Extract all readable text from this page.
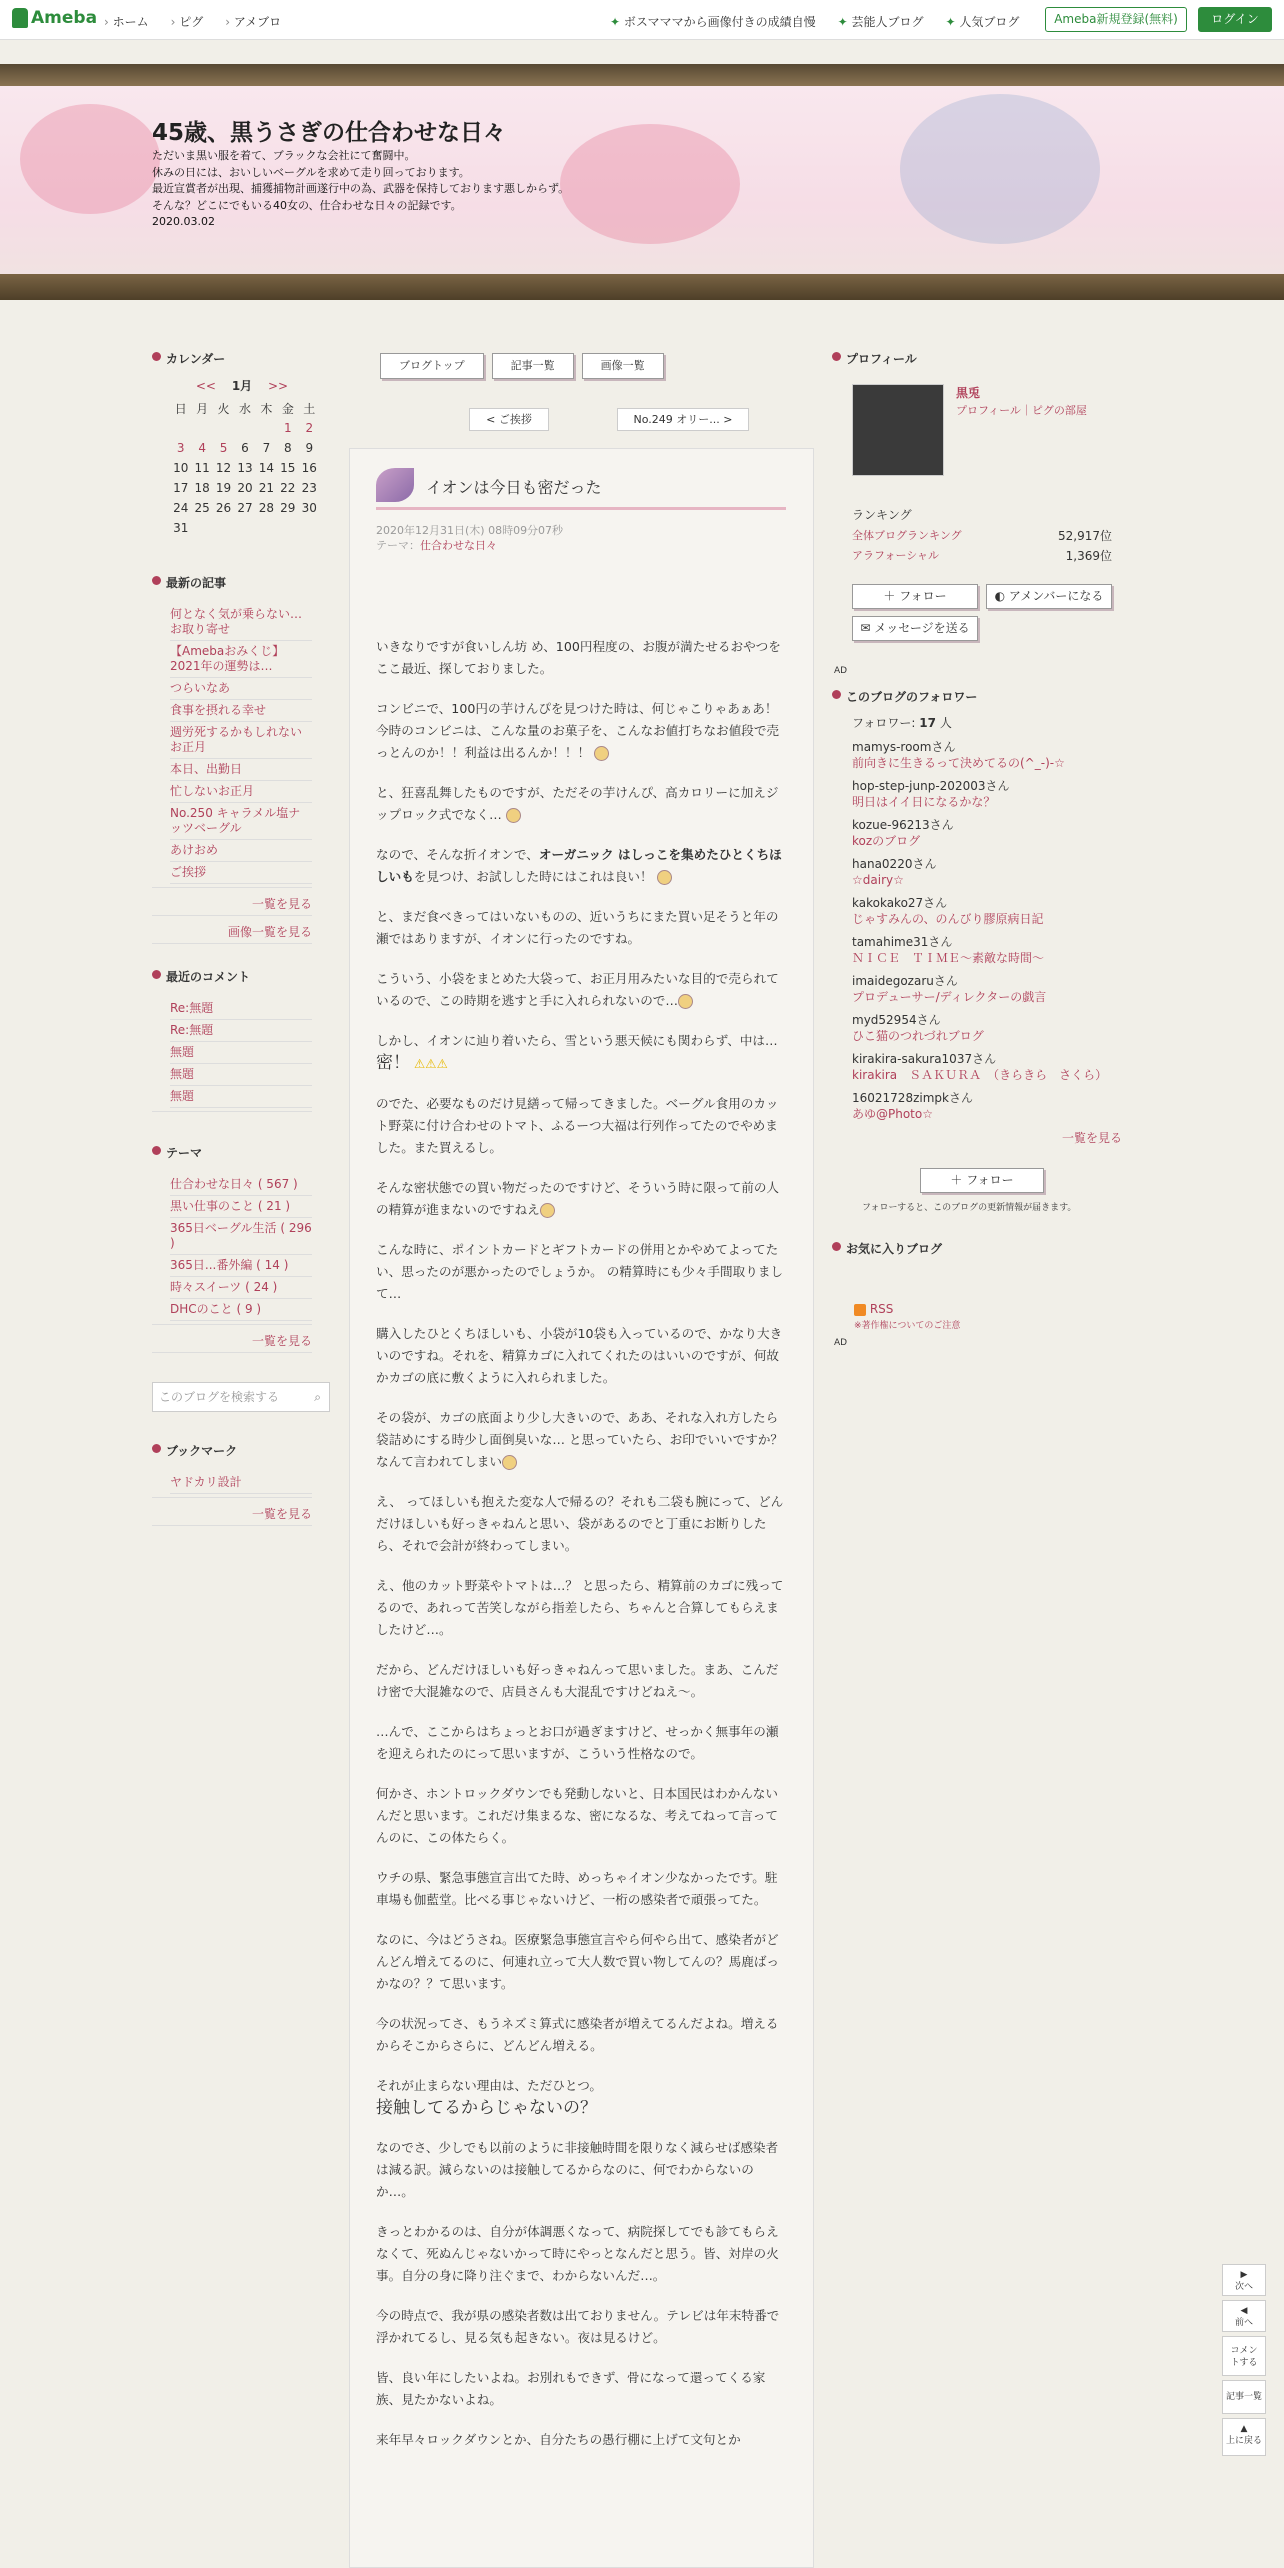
Ameba	› ホーム	› ピグ	› アメブロ	✦ ボスマママから画像付きの成績自慢	✦ 芸能人ブログ	✦ 人気ブログ	Ameba新規登録(無料)	ログイン
45歳、黒うさぎの仕合わせな日々
ただいま黒い服を着て、ブラックな会社にて奮闘中。
休みの日には、おいしいベーグルを求めて走り回っております。
最近宣賞者が出現、捕獲捕物計画遂行中の為、武器を保持しております悪しからず。
そんな？どこにでもいる40女の、仕合わせな日々の記録です。
2020.03.02
カレンダー
<< 1月 >>
日	月	火	水	木	金	土
					1	2
3	4	5	6	7	8	9
10	11	12	13	14	15	16
17	18	19	20	21	22	23
24	25	26	27	28	29	30
31						
最新の記事
何となく気が乗らない…お取り寄せ
【Amebaおみくじ】2021年の運勢は…
つらいなあ
食事を摂れる幸せ
週労死するかもしれないお正月
本日、出勤日
忙しないお正月
No.250 キャラメル塩ナッツベーグル
あけおめ
ご挨拶
一覧を見る
画像一覧を見る
最近のコメント
Re:無題
Re:無題
無題
無題
無題
テーマ
仕合わせな日々 ( 567 )
黒い仕事のこと ( 21 )
365日ベーグル生活 ( 296 )
365日...番外編 ( 14 )
時々スイーツ ( 24 )
DHCのこと ( 9 )
一覧を見る
このブログを検索する ⌕
ブックマーク
ヤドカリ設計
一覧を見る
ブログトップ	記事一覧	画像一覧
< ご挨拶	No.249 オリー... >
イオンは今日も密だった
2020年12月31日(木) 08時09分07秒
テーマ：仕合わせな日々

いきなりですが食いしん坊 め、100円程度の、お腹が満たせるおやつをここ最近、探しておりました。

コンビニで、100円の芋けんぴを見つけた時は、何じゃこりゃあぁあ！ 今時のコンビニは、こんな量のお菓子を、こんなお値打ちなお値段で売っとんのか！！利益は出るんか！！！

と、狂喜乱舞したものですが、ただその芋けんぴ、高カロリーに加えジップロック式でなく…

なので、そんな折イオンで、オーガニック はしっこを集めたひとくちほしいもを見つけ、お試しした時にはこれは良い！

と、まだ食べきってはいないものの、近いうちにまた買い足そうと年の瀬ではありますが、イオンに行ったのですね。

こういう、小袋をまとめた大袋って、お正月用みたいな目的で売られているので、この時期を逃すと手に入れられないので…

しかし、イオンに辿り着いたら、雪という悪天候にも関わらず、中は…
密！ ⚠⚠⚠

のでた、必要なものだけ見繕って帰ってきました。ベーグル食用のカット野菜に付け合わせのトマト、ふるーつ大福は行列作ってたのでやめました。また買えるし。

そんな密状態での買い物だったのですけど、そういう時に限って前の人の精算が進まないのですねえ

こんな時に、ポイントカードとギフトカードの併用とかやめてよってたい、思ったのが悪かったのでしょうか。 の精算時にも少々手間取りまして…

購入したひとくちほしいも、小袋が10袋も入っているので、かなり大きいのですね。それを、精算カゴに入れてくれたのはいいのですが、何故かカゴの底に敷くように入れられました。

その袋が、カゴの底面より少し大きいので、ああ、それな入れ方したら袋詰めにする時少し面倒臭いな… と思っていたら、お印でいいですか？なんて言われてしまい

え、 ってほしいも抱えた変な人で帰るの？それも二袋も腕にって、どんだけほしいも好っきゃねんと思い、袋があるのでと丁重にお断りしたら、それで会計が終わってしまい。

え、他のカット野菜やトマトは…？ と思ったら、精算前のカゴに残ってるので、あれって苦笑しながら指差したら、ちゃんと合算してもらえましたけど…。

だから、どんだけほしいも好っきゃねんって思いました。まあ、こんだけ密で大混雑なので、店員さんも大混乱ですけどねえ〜。

…んで、ここからはちょっとお口が過ぎますけど、せっかく無事年の瀬を迎えられたのにって思いますが、こういう性格なので。

何かさ、ホントロックダウンでも発動しないと、日本国民はわかんないんだと思います。これだけ集まるな、密になるな、考えてねって言ってんのに、この体たらく。

ウチの県、緊急事態宣言出てた時、めっちゃイオン少なかったです。駐車場も伽藍堂。比べる事じゃないけど、一桁の感染者で頑張ってた。

なのに、今はどうさね。医療緊急事態宣言やら何やら出て、感染者がどんどん増えてるのに、何連れ立って大人数で買い物してんの？馬鹿ばっかなの？？て思います。

今の状況ってさ、もうネズミ算式に感染者が増えてるんだよね。増えるからそこからさらに、どんどん増える。

それが止まらない理由は、ただひとつ。

接触してるからじゃないの？

なのでさ、少しでも以前のように非接触時間を限りなく減らせば感染者は減る訳。減らないのは接触してるからなのに、何でわからないのか…。

きっとわかるのは、自分が体調悪くなって、病院探してでも診てもらえなくて、死ぬんじゃないかって時にやっとなんだと思う。皆、対岸の火事。自分の身に降り注ぐまで、わからないんだ…。

今の時点で、我が県の感染者数は出ておりません。テレビは年末特番で浮かれてるし、見る気も起きない。夜は見るけど。

皆、良い年にしたいよね。お別れもできず、骨になって還ってくる家族、見たかないよね。

来年早々ロックダウンとか、自分たちの愚行棚に上げて文句とか

プロフィール
黒兎
プロフィール｜ピグの部屋
ランキング
全体ブログランキング	52,917位
アラフォーシャル	1,369位
＋ フォロー	◐ アメンバーになる
✉ メッセージを送る
AD
このブログのフォロワー
フォロワー: 17 人
mamys-roomさん
前向きに生きるって決めてるの(^_-)-☆
hop-step-junp-202003さん
明日はイイ日になるかな？
kozue-96213さん
kozのブログ
hana0220さん
☆dairy☆
kakokako27さん
じゃすみんの、のんびり膠原病日記
tamahime31さん
ＮＩＣＥ　ＴＩＭＥ～素敵な時間～
imaidegozaruさん
プロデューサー/ディレクターの戯言
myd52954さん
ひこ猫のつれづれブログ
kirakira-sakura1037さん
kirakira　ＳＡＫＵＲＡ　（きらきら　さくら）
16021728zimpkさん
あゆ@Photo☆
一覧を見る
＋ フォロー
フォローすると、このブログの更新情報が届きます。
お気に入りブログ
RSS
※著作権についてのご注意
AD
▶
次へ
◀
前へ
コメントする
記事一覧
▲
上に戻る
